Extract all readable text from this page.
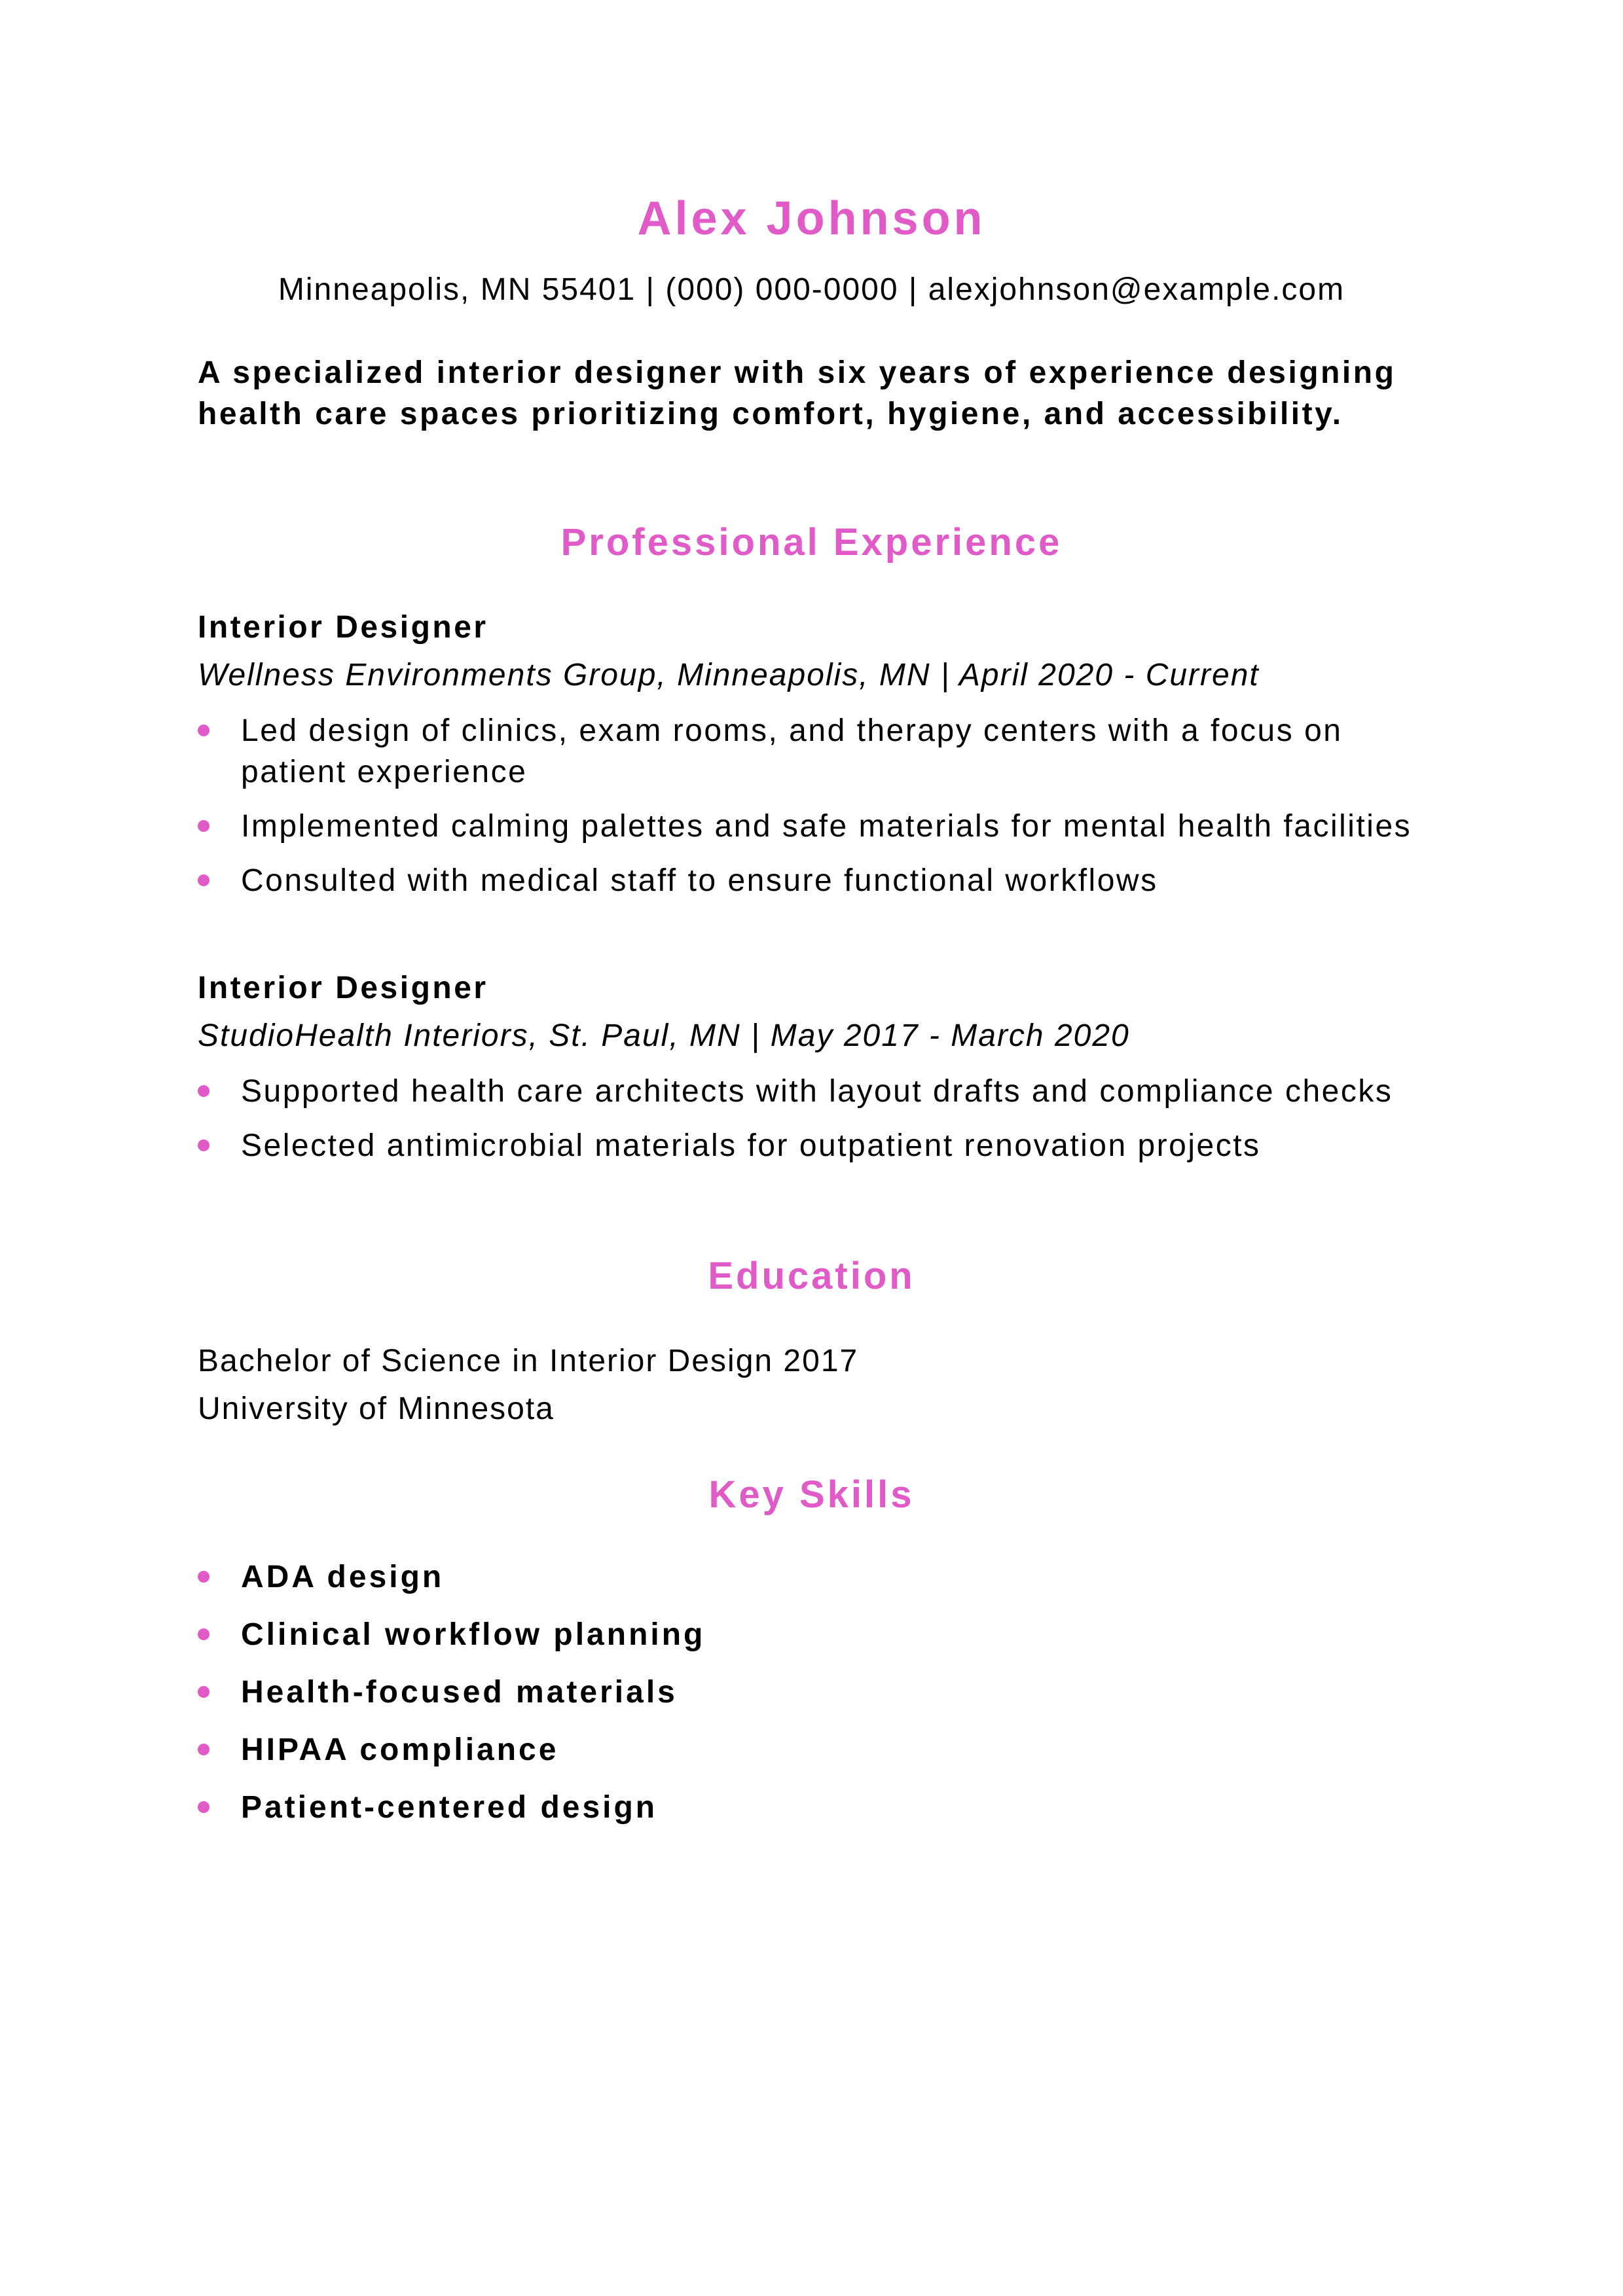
Alex Johnson
Minneapolis, MN 55401 | (000) 000-0000 | alexjohnson@example.com

A specialized interior designer with six years of experience designing health care spaces prioritizing comfort, hygiene, and accessibility.

Professional Experience
Interior Designer
Wellness Environments Group, Minneapolis, MN | April 2020 - Current
Led design of clinics, exam rooms, and therapy centers with a focus on patient experience
Implemented calming palettes and safe materials for mental health facilities
Consulted with medical staff to ensure functional workflows
Interior Designer
StudioHealth Interiors, St. Paul, MN | May 2017 - March 2020
Supported health care architects with layout drafts and compliance checks
Selected antimicrobial materials for outpatient renovation projects
Education
Bachelor of Science in Interior Design 2017
University of Minnesota
Key Skills
ADA design
Clinical workflow planning
Health-focused materials
HIPAA compliance
Patient-centered design
